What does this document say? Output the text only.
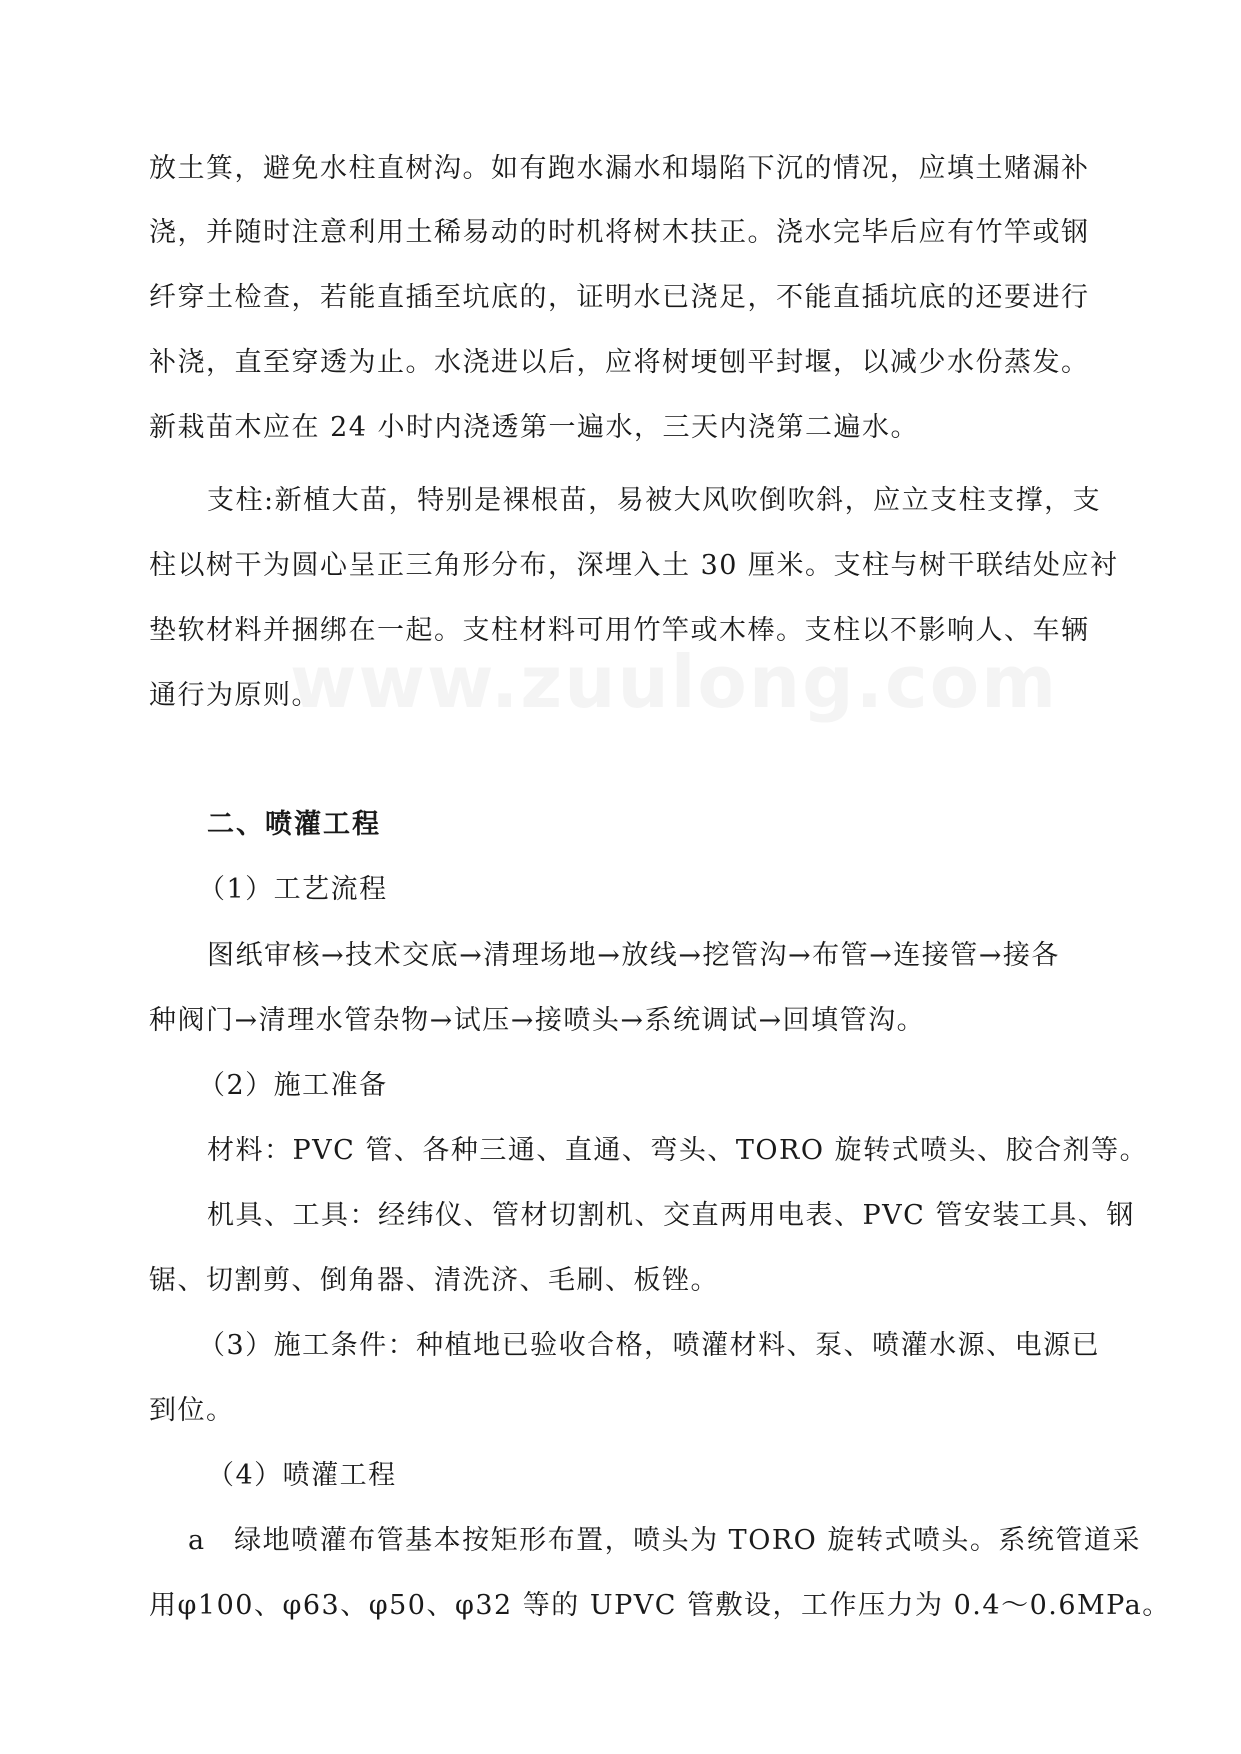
www.zuulong.com
放土箕，避免水柱直树沟。如有跑水漏水和塌陷下沉的情况，应填土赌漏补
浇，并随时注意利用土稀易动的时机将树木扶正。浇水完毕后应有竹竿或钢
纤穿土检查，若能直插至坑底的，证明水已浇足，不能直插坑底的还要进行
补浇，直至穿透为止。水浇进以后，应将树埂刨平封堰，以减少水份蒸发。
新栽苗木应在 24 小时内浇透第一遍水，三天内浇第二遍水。
支柱:新植大苗，特别是裸根苗，易被大风吹倒吹斜，应立支柱支撑，支
柱以树干为圆心呈正三角形分布，深埋入土 30 厘米。支柱与树干联结处应衬
垫软材料并捆绑在一起。支柱材料可用竹竿或木棒。支柱以不影响人、车辆
通行为原则。
二、喷灌工程
（1）工艺流程
图纸审核→技术交底→清理场地→放线→挖管沟→布管→连接管→接各
种阀门→清理水管杂物→试压→接喷头→系统调试→回填管沟。
（2）施工准备
材料：PVC 管、各种三通、直通、弯头、TORO 旋转式喷头、胶合剂等。
机具、工具：经纬仪、管材切割机、交直两用电表、PVC 管安装工具、钢
锯、切割剪、倒角器、清洗济、毛刷、板锉。
（3）施工条件：种植地已验收合格，喷灌材料、泵、喷灌水源、电源已
到位。
（4）喷灌工程
a　绿地喷灌布管基本按矩形布置，喷头为 TORO 旋转式喷头。系统管道采
用φ100、φ63、φ50、φ32 等的 UPVC 管敷设，工作压力为 0.4～0.6MPa。
